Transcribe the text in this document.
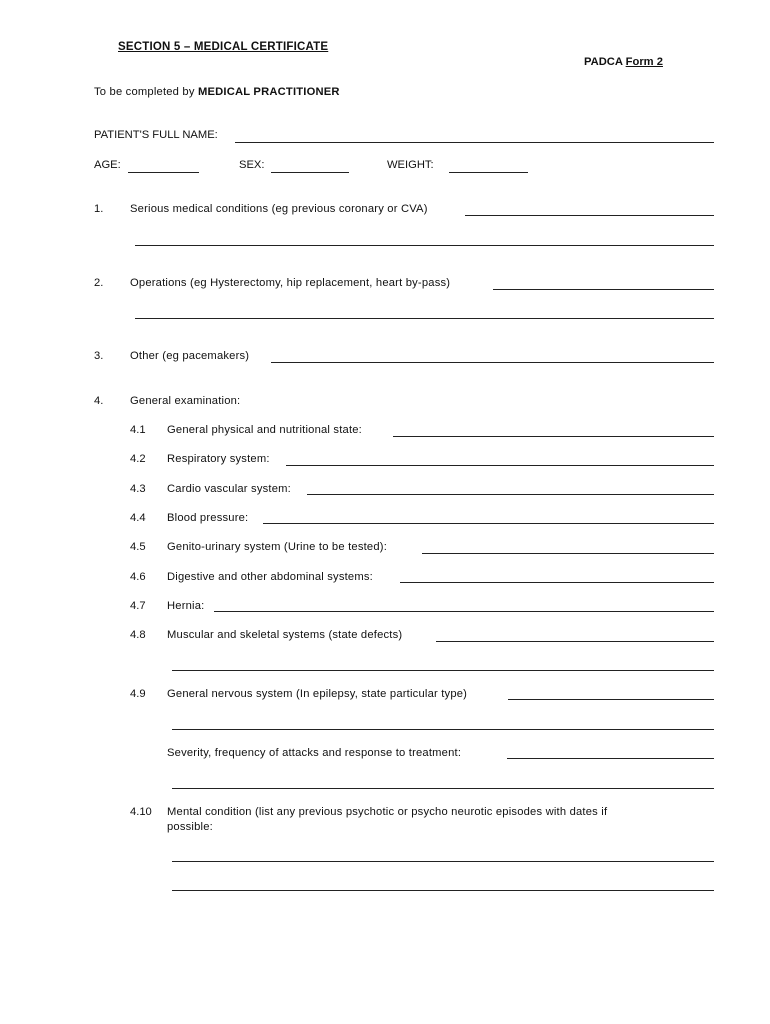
SECTION 5 – MEDICAL CERTIFICATE
PADCA Form 2
To be completed by MEDICAL PRACTITIONER
PATIENT'S FULL NAME:
AGE:	SEX:	WEIGHT:
1. Serious medical conditions (eg previous coronary or CVA)
2. Operations (eg Hysterectomy, hip replacement, heart by-pass)
3. Other (eg pacemakers)
4. General examination:
4.1 General physical and nutritional state:
4.2 Respiratory system:
4.3 Cardio vascular system:
4.4 Blood pressure:
4.5 Genito-urinary system (Urine to be tested):
4.6 Digestive and other abdominal systems:
4.7 Hernia:
4.8 Muscular and skeletal systems (state defects)
4.9 General nervous system (In epilepsy, state particular type)
Severity, frequency of attacks and response to treatment:
4.10 Mental condition (list any previous psychotic or psycho neurotic episodes with dates if
possible:
